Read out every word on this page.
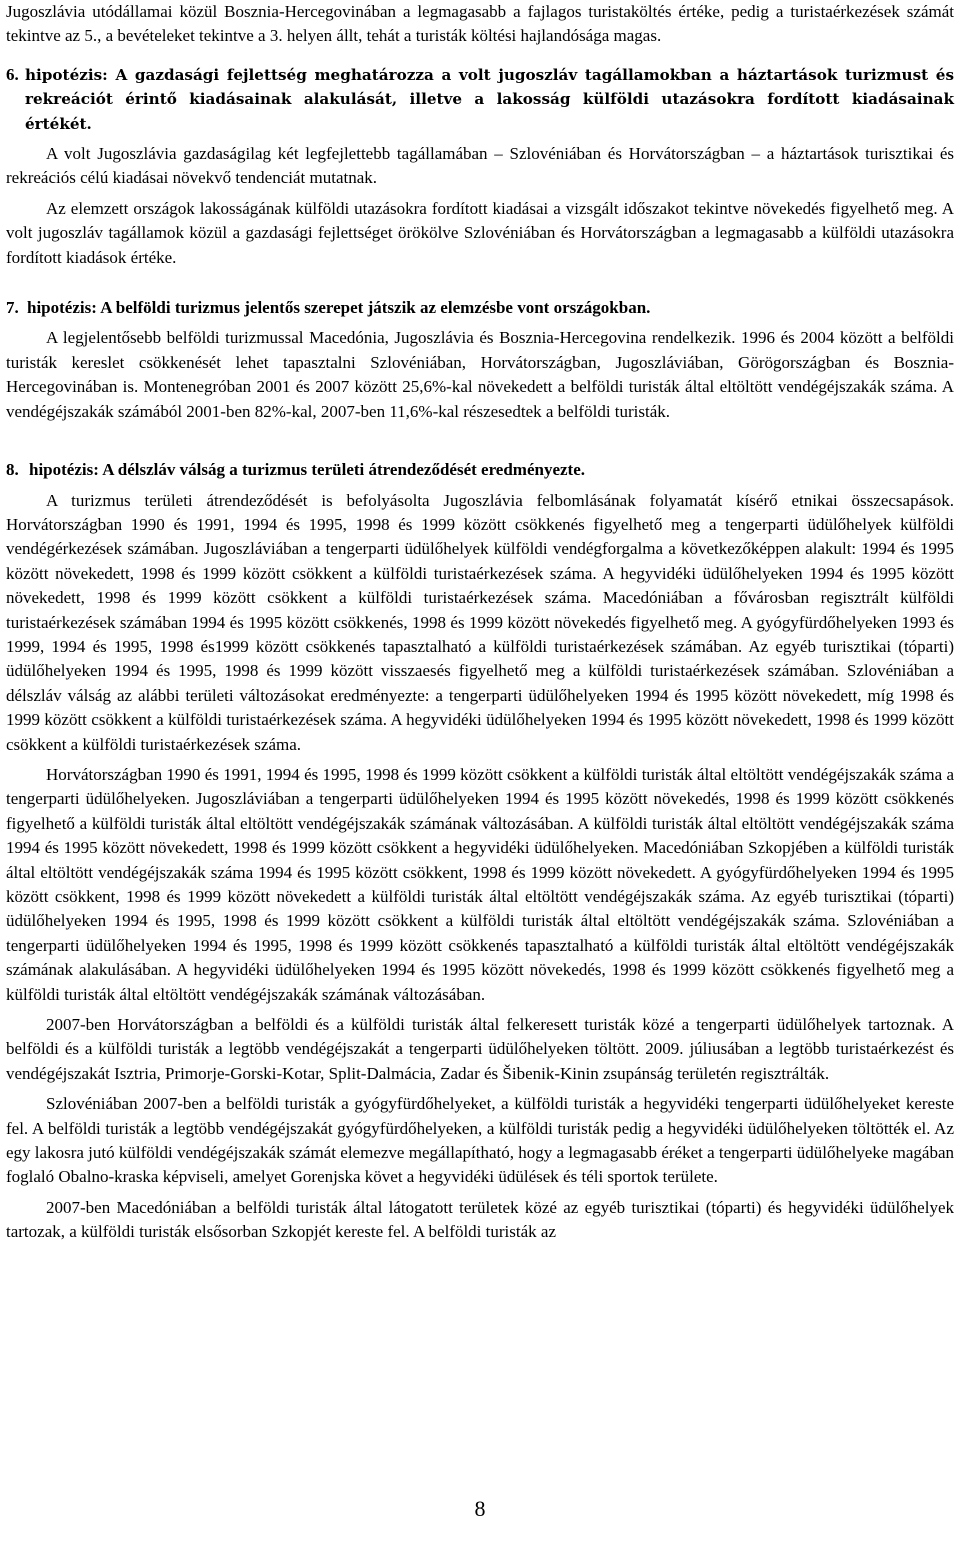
Jugoszlávia utódállamai közül Bosznia-Hercegovinában a legmagasabb a fajlagos turistaköltés értéke, pedig a turistaérkezések számát tekintve az 5., a bevételeket tekintve a 3. helyen állt, tehát a turisták költési hajlandósága magas.

6. hipotézis: A gazdasági fejlettség meghatározza a volt jugoszláv tagállamokban a háztartások turizmust és rekreációt érintő kiadásainak alakulását, illetve a lakosság külföldi utazásokra fordított kiadásainak értékét.

A volt Jugoszlávia gazdaságilag két legfejlettebb tagállamában – Szlovéniában és Horvátországban – a háztartások turisztikai és rekreációs célú kiadásai növekvő tendenciát mutatnak.

Az elemzett országok lakosságának külföldi utazásokra fordított kiadásai a vizsgált időszakot tekintve növekedés figyelhető meg. A volt jugoszláv tagállamok közül a gazdasági fejlettséget örökölve Szlovéniában és Horvátországban a legmagasabb a külföldi utazásokra fordított kiadások értéke.

7. hipotézis: A belföldi turizmus jelentős szerepet játszik az elemzésbe vont országokban.

A legjelentősebb belföldi turizmussal Macedónia, Jugoszlávia és Bosznia-Hercegovina rendelkezik. 1996 és 2004 között a belföldi turisták kereslet csökkenését lehet tapasztalni Szlovéniában, Horvátországban, Jugoszláviában, Görögországban és Bosznia-Hercegovinában is. Montenegróban 2001 és 2007 között 25,6%-kal növekedett a belföldi turisták által eltöltött vendégéjszakák száma. A vendégéjszakák számából 2001-ben 82%-kal, 2007-ben 11,6%-kal részesedtek a belföldi turisták.

8. hipotézis: A délszláv válság a turizmus területi átrendeződését eredményezte.

A turizmus területi átrendeződését is befolyásolta Jugoszlávia felbomlásának folyamatát kísérő etnikai összecsapások. Horvátországban 1990 és 1991, 1994 és 1995, 1998 és 1999 között csökkenés figyelhető meg a tengerparti üdülőhelyek külföldi vendégérkezések számában. Jugoszláviában a tengerparti üdülőhelyek külföldi vendégforgalma a következőképpen alakult: 1994 és 1995 között növekedett, 1998 és 1999 között csökkent a külföldi turistaérkezések száma. A hegyvidéki üdülőhelyeken 1994 és 1995 között növekedett, 1998 és 1999 között csökkent a külföldi turistaérkezések száma. Macedóniában a fővárosban regisztrált külföldi turistaérkezések számában 1994 és 1995 között csökkenés, 1998 és 1999 között növekedés figyelhető meg. A gyógyfürdőhelyeken 1993 és 1999, 1994 és 1995, 1998 és1999 között csökkenés tapasztalható a külföldi turistaérkezések számában. Az egyéb turisztikai (tóparti) üdülőhelyeken 1994 és 1995, 1998 és 1999 között visszaesés figyelhető meg a külföldi turistaérkezések számában. Szlovéniában a délszláv válság az alábbi területi változásokat eredményezte: a tengerparti üdülőhelyeken 1994 és 1995 között növekedett, míg 1998 és 1999 között csökkent a külföldi turistaérkezések száma. A hegyvidéki üdülőhelyeken 1994 és 1995 között növekedett, 1998 és 1999 között csökkent a külföldi turistaérkezések száma.

Horvátországban 1990 és 1991, 1994 és 1995, 1998 és 1999 között csökkent a külföldi turisták által eltöltött vendégéjszakák száma a tengerparti üdülőhelyeken. Jugoszláviában a tengerparti üdülőhelyeken 1994 és 1995 között növekedés, 1998 és 1999 között csökkenés figyelhető a külföldi turisták által eltöltött vendégéjszakák számának változásában. A külföldi turisták által eltöltött vendégéjszakák száma 1994 és 1995 között növekedett, 1998 és 1999 között csökkent a hegyvidéki üdülőhelyeken. Macedóniában Szkopjében a külföldi turisták által eltöltött vendégéjszakák száma 1994 és 1995 között csökkent, 1998 és 1999 között növekedett. A gyógyfürdőhelyeken 1994 és 1995 között csökkent, 1998 és 1999 között növekedett a külföldi turisták által eltöltött vendégéjszakák száma. Az egyéb turisztikai (tóparti) üdülőhelyeken 1994 és 1995, 1998 és 1999 között csökkent a külföldi turisták által eltöltött vendégéjszakák száma. Szlovéniában a tengerparti üdülőhelyeken 1994 és 1995, 1998 és 1999 között csökkenés tapasztalható a külföldi turisták által eltöltött vendégéjszakák számának alakulásában. A hegyvidéki üdülőhelyeken 1994 és 1995 között növekedés, 1998 és 1999 között csökkenés figyelhető meg a külföldi turisták által eltöltött vendégéjszakák számának változásában.

2007-ben Horvátországban a belföldi és a külföldi turisták által felkeresett turisták közé a tengerparti üdülőhelyek tartoznak. A belföldi és a külföldi turisták a legtöbb vendégéjszakát a tengerparti üdülőhelyeken töltött. 2009. júliusában a legtöbb turistaérkezést és vendégéjszakát Isztria, Primorje-Gorski-Kotar, Split-Dalmácia, Zadar és Šibenik-Kinin zsupánság területén regisztrálták.

Szlovéniában 2007-ben a belföldi turisták a gyógyfürdőhelyeket, a külföldi turisták a hegyvidéki tengerparti üdülőhelyeket kereste fel. A belföldi turisták a legtöbb vendégéjszakát gyógyfürdőhelyeken, a külföldi turisták pedig a hegyvidéki üdülőhelyeken töltötték el. Az egy lakosra jutó külföldi vendégéjszakák számát elemezve megállapítható, hogy a legmagasabb éréket a tengerparti üdülőhelyeke magában foglaló Obalno-kraska képviseli, amelyet Gorenjska követ a hegyvidéki üdülések és téli sportok területe.

2007-ben Macedóniában a belföldi turisták által látogatott területek közé az egyéb turisztikai (tóparti) és hegyvidéki üdülőhelyek tartozak, a külföldi turisták elsősorban Szkopjét kereste fel. A belföldi turisták az

8
